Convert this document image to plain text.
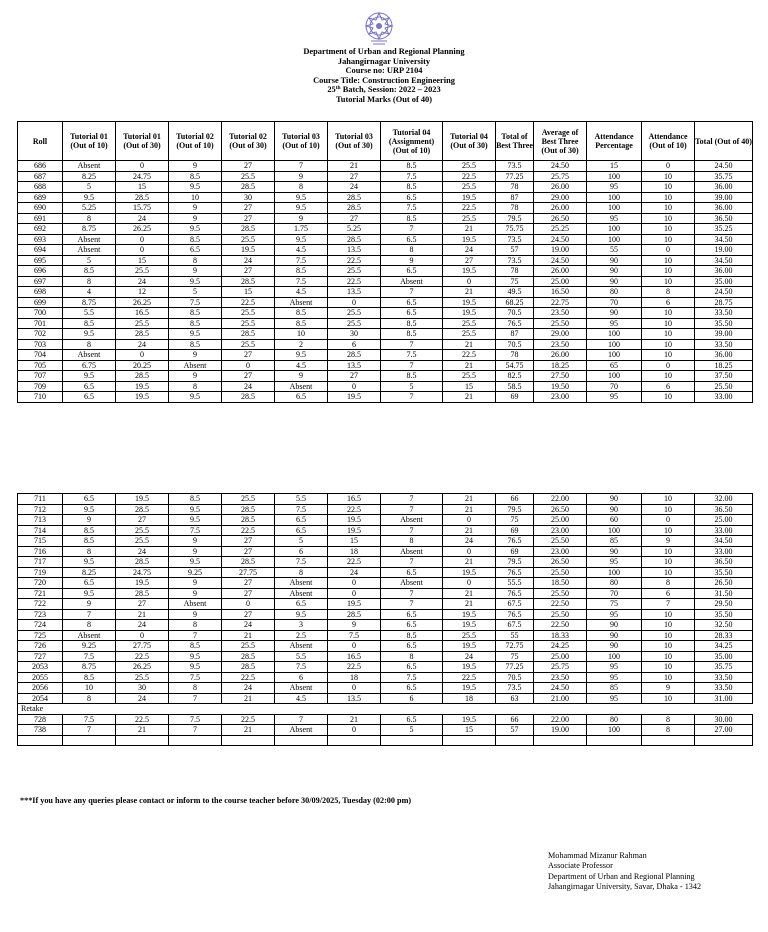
Department of Urban and Regional Planning
Jahangirnagar University
Course no: URP 2104
Course Title: Construction Engineering
25th Batch, Session: 2022 – 2023
Tutorial Marks (Out of 40)
Roll	Tutorial 01 (Out of 10)	Tutorial 01 (Out of 30)	Tutorial 02 (Out of 10)	Tutorial 02 (Out of 30)	Tutorial 03 (Out of 10)	Tutorial 03 (Out of 30)	Tutorial 04 (Assignment) (Out of 10)	Tutorial 04 (Out of 30)	Total of Best Three	Average of Best Three (Out of 30)	Attendance Percentage	Attendance (Out of 10)	Total (Out of 40)
686	Absent	0	9	27	7	21	8.5	25.5	73.5	24.50	15	0	24.50
687	8.25	24.75	8.5	25.5	9	27	7.5	22.5	77.25	25.75	100	10	35.75
688	5	15	9.5	28.5	8	24	8.5	25.5	78	26.00	95	10	36.00
689	9.5	28.5	10	30	9.5	28.5	6.5	19.5	87	29.00	100	10	39.00
690	5.25	15.75	9	27	9.5	28.5	7.5	22.5	78	26.00	100	10	36.00
691	8	24	9	27	9	27	8.5	25.5	79.5	26.50	95	10	36.50
692	8.75	26.25	9.5	28.5	1.75	5.25	7	21	75.75	25.25	100	10	35.25
693	Absent	0	8.5	25.5	9.5	28.5	6.5	19.5	73.5	24.50	100	10	34.50
694	Absent	0	6.5	19.5	4.5	13.5	8	24	57	19.00	55	0	19.00
695	5	15	8	24	7.5	22.5	9	27	73.5	24.50	90	10	34.50
696	8.5	25.5	9	27	8.5	25.5	6.5	19.5	78	26.00	90	10	36.00
697	8	24	9.5	28.5	7.5	22.5	Absent	0	75	25.00	90	10	35.00
698	4	12	5	15	4.5	13.5	7	21	49.5	16.50	80	8	24.50
699	8.75	26.25	7.5	22.5	Absent	0	6.5	19.5	68.25	22.75	70	6	28.75
700	5.5	16.5	8.5	25.5	8.5	25.5	6.5	19.5	70.5	23.50	90	10	33.50
701	8.5	25.5	8.5	25.5	8.5	25.5	8.5	25.5	76.5	25.50	95	10	35.50
702	9.5	28.5	9.5	28.5	10	30	8.5	25.5	87	29.00	100	10	39.00
703	8	24	8.5	25.5	2	6	7	21	70.5	23.50	100	10	33.50
704	Absent	0	9	27	9.5	28.5	7.5	22.5	78	26.00	100	10	36.00
705	6.75	20.25	Absent	0	4.5	13.5	7	21	54.75	18.25	65	0	18.25
707	9.5	28.5	9	27	9	27	8.5	25.5	82.5	27.50	100	10	37.50
709	6.5	19.5	8	24	Absent	0	5	15	58.5	19.50	70	6	25.50
710	6.5	19.5	9.5	28.5	6.5	19.5	7	21	69	23.00	95	10	33.00
711	6.5	19.5	8.5	25.5	5.5	16.5	7	21	66	22.00	90	10	32.00
712	9.5	28.5	9.5	28.5	7.5	22.5	7	21	79.5	26.50	90	10	36.50
713	9	27	9.5	28.5	6.5	19.5	Absent	0	75	25.00	60	0	25.00
714	8.5	25.5	7.5	22.5	6.5	19.5	7	21	69	23.00	100	10	33.00
715	8.5	25.5	9	27	5	15	8	24	76.5	25.50	85	9	34.50
716	8	24	9	27	6	18	Absent	0	69	23.00	90	10	33.00
717	9.5	28.5	9.5	28.5	7.5	22.5	7	21	79.5	26.50	95	10	36.50
719	8.25	24.75	9.25	27.75	8	24	6.5	19.5	76.5	25.50	100	10	35.50
720	6.5	19.5	9	27	Absent	0	Absent	0	55.5	18.50	80	8	26.50
721	9.5	28.5	9	27	Absent	0	7	21	76.5	25.50	70	6	31.50
722	9	27	Absent	0	6.5	19.5	7	21	67.5	22.50	75	7	29.50
723	7	21	9	27	9.5	28.5	6.5	19.5	76.5	25.50	95	10	35.50
724	8	24	8	24	3	9	6.5	19.5	67.5	22.50	90	10	32.50
725	Absent	0	7	21	2.5	7.5	8.5	25.5	55	18.33	90	10	28.33
726	9.25	27.75	8.5	25.5	Absent	0	6.5	19.5	72.75	24.25	90	10	34.25
727	7.5	22.5	9.5	28.5	5.5	16.5	8	24	75	25.00	100	10	35.00
2053	8.75	26.25	9.5	28.5	7.5	22.5	6.5	19.5	77.25	25.75	95	10	35.75
2055	8.5	25.5	7.5	22.5	6	18	7.5	22.5	70.5	23.50	95	10	33.50
2056	10	30	8	24	Absent	0	6.5	19.5	73.5	24.50	85	9	33.50
2054	8	24	7	21	4.5	13.5	6	18	63	21.00	95	10	31.00
Retake													
728	7.5	22.5	7.5	22.5	7	21	6.5	19.5	66	22.00	80	8	30.00
738	7	21	7	21	Absent	0	5	15	57	19.00	100	8	27.00

***If you have any queries please contact or inform to the course teacher before 30/09/2025, Tuesday (02:00 pm)
Mohammad Mizanur Rahman
Associate Professor
Department of Urban and Regional Planning
Jahangirnagar University, Savar, Dhaka - 1342
